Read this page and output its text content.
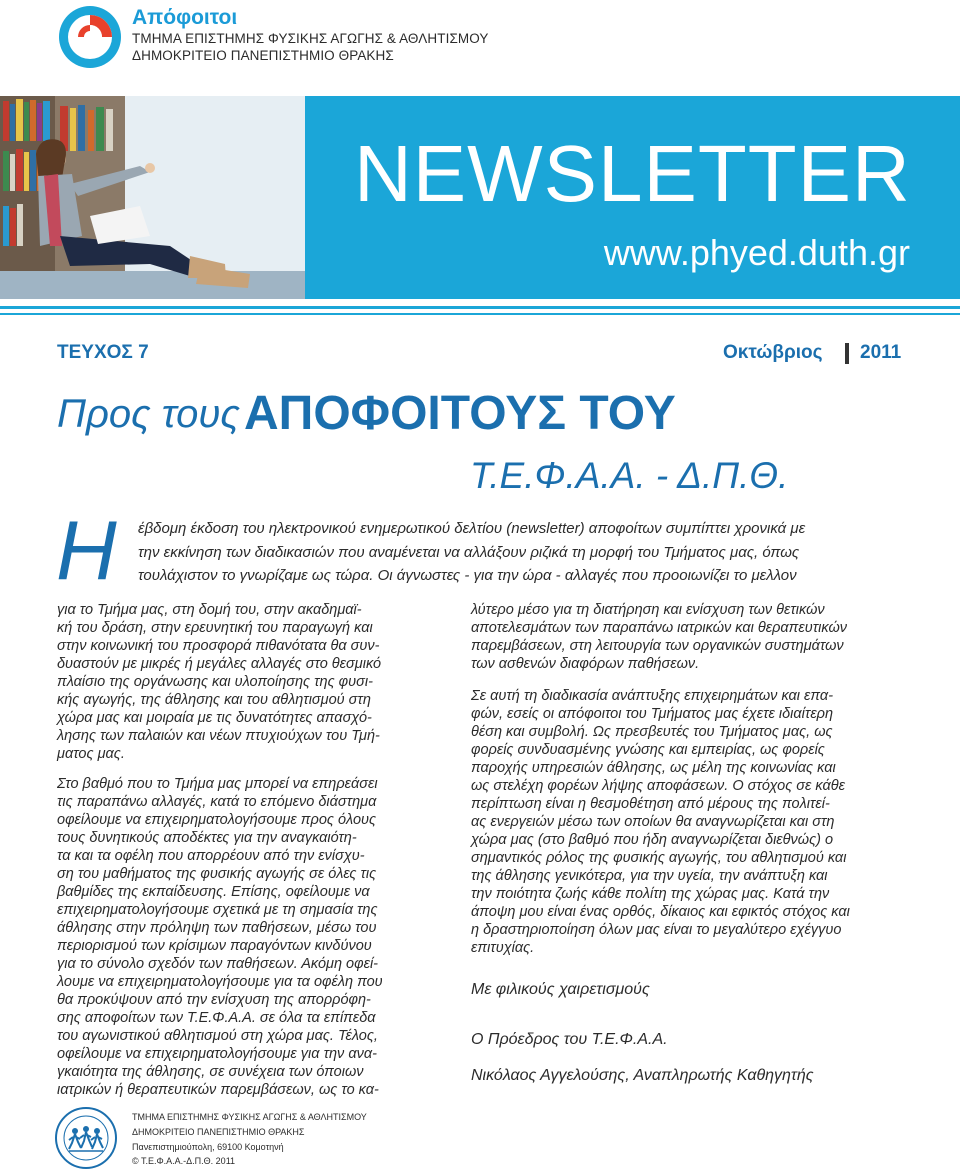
Απόφοιτοι
ΤΜΗΜΑ ΕΠΙΣΤΗΜΗΣ ΦΥΣΙΚΗΣ ΑΓΩΓΗΣ & ΑΘΛΗΤΙΣΜΟΥ
ΔΗΜΟΚΡΙΤΕΙΟ ΠΑΝΕΠΙΣΤΗΜΙΟ ΘΡΑΚΗΣ
NEWSLETTER
www.phyed.duth.gr
ΤΕΥΧΟΣ 7	Οκτώβριος 2011
Προς τους ΑΠΟΦΟΙΤΟΥΣ ΤΟΥ
Τ.Ε.Φ.Α.Α. - Δ.Π.Θ.
Η έβδομη έκδοση του ηλεκτρονικού ενημερωτικού δελτίου (newsletter) αποφοίτων συμπίπτει χρονικά με
την εκκίνηση των διαδικασιών που αναμένεται να αλλάξουν ριζικά τη μορφή του Τμήματος μας, όπως
τουλάχιστον το γνωρίζαμε ως τώρα. Οι άγνωστες - για την ώρα - αλλαγές που προοιωνίζει το μελλον
για το Τμήμα μας, στη δομή του, στην ακαδημαϊ-
κή του δράση, στην ερευνητική του παραγωγή και
στην κοινωνική του προσφορά πιθανότατα θα συν-
δυαστούν με μικρές ή μεγάλες αλλαγές στο θεσμικό
πλαίσιο της οργάνωσης και υλοποίησης της φυσι-
κής αγωγής, της άθλησης και του αθλητισμού στη
χώρα μας και μοιραία με τις δυνατότητες απασχό-
λησης των παλαιών και νέων πτυχιούχων του Τμή-
ματος μας.
Στο βαθμό που το Τμήμα μας μπορεί να επηρεάσει
τις παραπάνω αλλαγές, κατά το επόμενο διάστημα
οφείλουμε να επιχειρηματολογήσουμε προς όλους
τους δυνητικούς αποδέκτες για την αναγκαιότη-
τα και τα οφέλη που απορρέουν από την ενίσχυ-
ση του μαθήματος της φυσικής αγωγής σε όλες τις
βαθμίδες της εκπαίδευσης. Επίσης, οφείλουμε να
επιχειρηματολογήσουμε σχετικά με τη σημασία της
άθλησης στην πρόληψη των παθήσεων, μέσω του
περιορισμού των κρίσιμων παραγόντων κινδύνου
για το σύνολο σχεδόν των παθήσεων. Ακόμη οφεί-
λουμε να επιχειρηματολογήσουμε για τα οφέλη που
θα προκύψουν από την ενίσχυση της απορρόφη-
σης αποφοίτων των Τ.Ε.Φ.Α.Α. σε όλα τα επίπεδα
του αγωνιστικού αθλητισμού στη χώρα μας. Τέλος,
οφείλουμε να επιχειρηματολογήσουμε για την ανα-
γκαιότητα της άθλησης, σε συνέχεια των όποιων
ιατρικών ή θεραπευτικών παρεμβάσεων, ως το κα-
λύτερο μέσο για τη διατήρηση και ενίσχυση των θετικών
αποτελεσμάτων των παραπάνω ιατρικών και θεραπευτικών
παρεμβάσεων, στη λειτουργία των οργανικών συστημάτων
των ασθενών διαφόρων παθήσεων.
Σε αυτή τη διαδικασία ανάπτυξης επιχειρημάτων και επα-
φών, εσείς οι απόφοιτοι του Τμήματος μας έχετε ιδιαίτερη
θέση και συμβολή. Ως πρεσβευτές του Τμήματος μας, ως
φορείς συνδυασμένης γνώσης και εμπειρίας, ως φορείς
παροχής υπηρεσιών άθλησης, ως μέλη της κοινωνίας και
ως στελέχη φορέων λήψης αποφάσεων. Ο στόχος σε κάθε
περίπτωση είναι η θεσμοθέτηση από μέρους της πολιτεί-
ας ενεργειών μέσω των οποίων θα αναγνωρίζεται και στη
χώρα μας (στο βαθμό που ήδη αναγνωρίζεται διεθνώς) ο
σημαντικός ρόλος της φυσικής αγωγής, του αθλητισμού και
της άθλησης γενικότερα, για την υγεία, την ανάπτυξη και
την ποιότητα ζωής κάθε πολίτη της χώρας μας. Κατά την
άποψη μου είναι ένας ορθός, δίκαιος και εφικτός στόχος και
η δραστηριοποίηση όλων μας είναι το μεγαλύτερο εχέγγυο
επιτυχίας.
Με φιλικούς χαιρετισμούς
Ο Πρόεδρος του Τ.Ε.Φ.Α.Α.
Νικόλαος Αγγελούσης, Αναπληρωτής Καθηγητής
ΤΜΗΜΑ ΕΠΙΣΤΗΜΗΣ ΦΥΣΙΚΗΣ ΑΓΩΓΗΣ & ΑΘΛΗΤΙΣΜΟΥ
ΔΗΜΟΚΡΙΤΕΙΟ ΠΑΝΕΠΙΣΤΗΜΙΟ ΘΡΑΚΗΣ
Πανεπιστημιούπολη, 69100 Κομοτηνή
© Τ.Ε.Φ.Α.Α.-Δ.Π.Θ. 2011
